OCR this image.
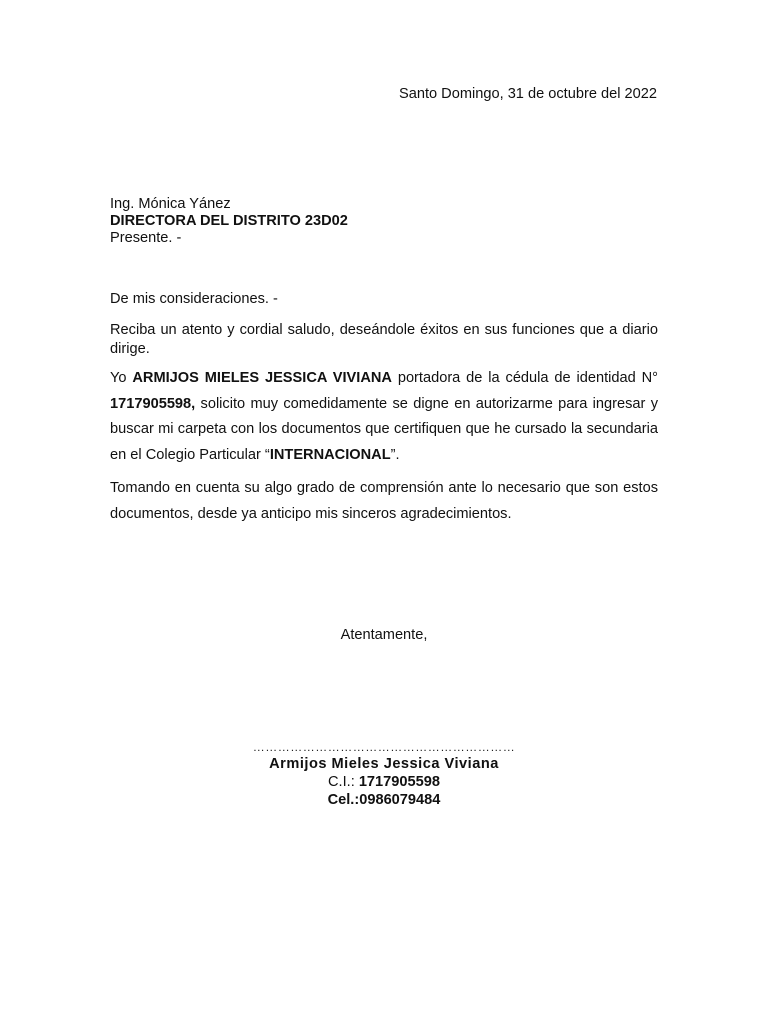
Santo Domingo, 31 de octubre del 2022
Ing. Mónica Yánez
DIRECTORA DEL DISTRITO 23D02
Presente. -

De mis consideraciones. -

Reciba un atento y cordial saludo, deseándole éxitos en sus funciones que a diario dirige.

Yo ARMIJOS MIELES JESSICA VIVIANA portadora de la cédula de identidad N° 1717905598, solicito muy comedidamente se digne en autorizarme para ingresar y buscar mi carpeta con los documentos que certifiquen que he cursado la secundaria en el Colegio Particular “INTERNACIONAL”.

Tomando en cuenta su algo grado de comprensión ante lo necesario que son estos documentos, desde ya anticipo mis sinceros agradecimientos.

Atentamente,
………………………………………………………
Armijos Mieles Jessica Viviana
C.I.: 1717905598
Cel.:0986079484
